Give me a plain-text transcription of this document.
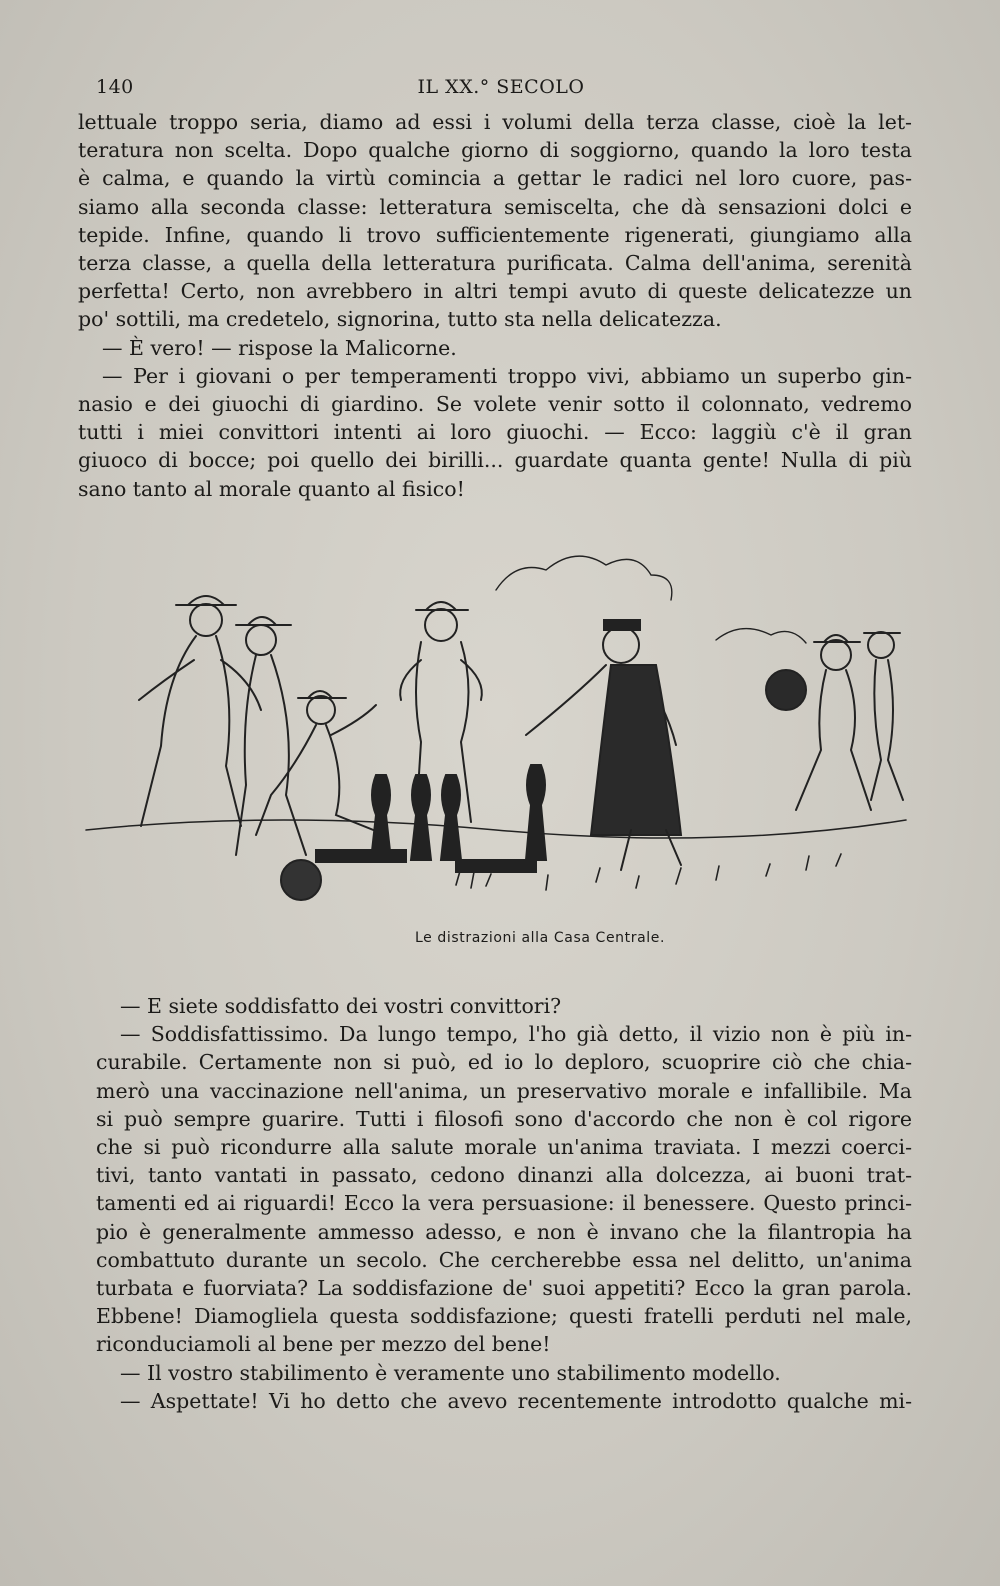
140	IL XX.° SECOLO
lettuale troppo seria, diamo ad essi i volumi della terza classe, cioè la let-
teratura non scelta. Dopo qualche giorno di soggiorno, quando la loro testa
è calma, e quando la virtù comincia a gettar le radici nel loro cuore, pas-
siamo alla seconda classe: letteratura semiscelta, che dà sensazioni dolci e
tepide. Infine, quando li trovo sufficientemente rigenerati, giungiamo alla
terza classe, a quella della letteratura purificata. Calma dell'anima, serenità
perfetta! Certo, non avrebbero in altri tempi avuto di queste delicatezze un
po' sottili, ma credetelo, signorina, tutto sta nella delicatezza.
— È vero! — rispose la Malicorne.
— Per i giovani o per temperamenti troppo vivi, abbiamo un superbo gin-
nasio e dei giuochi di giardino. Se volete venir sotto il colonnato, vedremo
tutti i miei convittori intenti ai loro giuochi. — Ecco: laggiù c'è il gran
giuoco di bocce; poi quello dei birilli... guardate quanta gente! Nulla di più
sano tanto al morale quanto al fisico!
Le distrazioni alla Casa Centrale.
— E siete soddisfatto dei vostri convittori?
— Soddisfattissimo. Da lungo tempo, l'ho già detto, il vizio non è più in-
curabile. Certamente non si può, ed io lo deploro, scuoprire ciò che chia-
merò una vaccinazione nell'anima, un preservativo morale e infallibile. Ma
si può sempre guarire. Tutti i filosofi sono d'accordo che non è col rigore
che si può ricondurre alla salute morale un'anima traviata. I mezzi coerci-
tivi, tanto vantati in passato, cedono dinanzi alla dolcezza, ai buoni trat-
tamenti ed ai riguardi! Ecco la vera persuasione: il benessere. Questo princi-
pio è generalmente ammesso adesso, e non è invano che la filantropia ha
combattuto durante un secolo. Che cercherebbe essa nel delitto, un'anima
turbata e fuorviata? La soddisfazione de' suoi appetiti? Ecco la gran parola.
Ebbene! Diamogliela questa soddisfazione; questi fratelli perduti nel male,
riconduciamoli al bene per mezzo del bene!
— Il vostro stabilimento è veramente uno stabilimento modello.
— Aspettate! Vi ho detto che avevo recentemente introdotto qualche mi-
